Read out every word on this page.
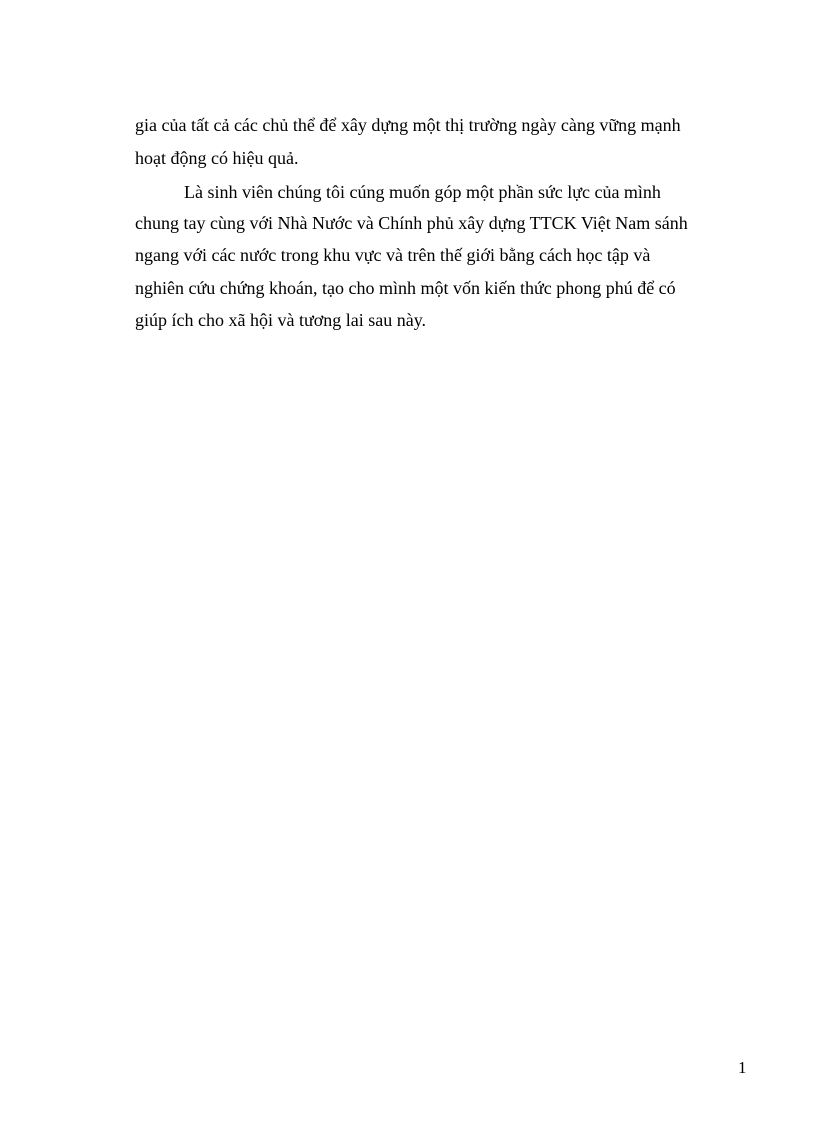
gia của tất cả các chủ thể để xây dựng một thị trường ngày càng vững mạnh
hoạt động có hiệu quả.
Là sinh viên chúng tôi cúng muốn góp một phần sức lực của mình
chung tay cùng với Nhà Nước và Chính phủ xây dựng TTCK Việt Nam sánh
ngang với các nước trong khu vực và trên thế giới bằng cách học tập và
nghiên cứu chứng khoán, tạo cho mình một vốn kiến thức phong phú để có
giúp ích cho xã hội và tương lai sau này.
1
